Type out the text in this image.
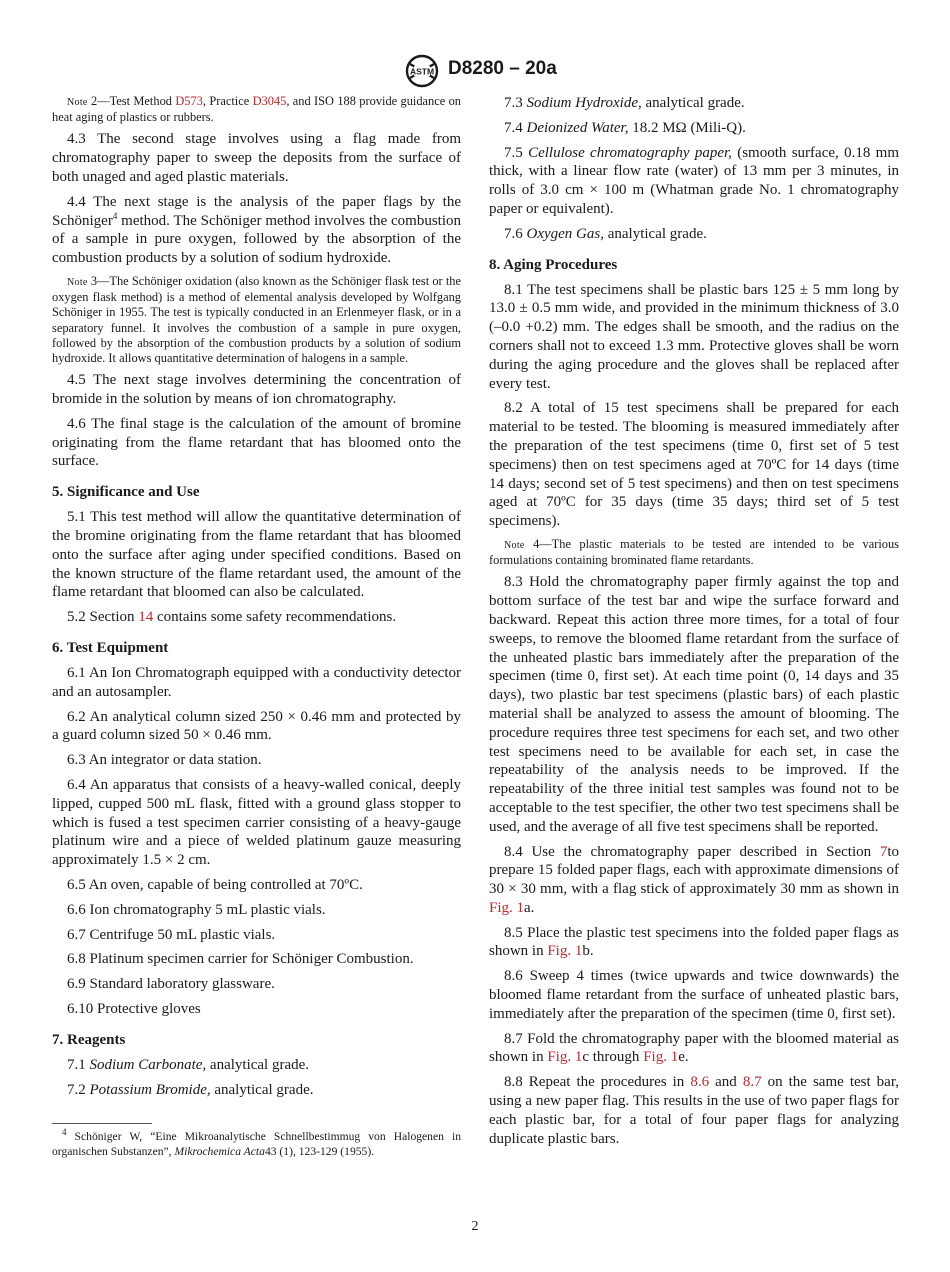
ASTM D8280 – 20a

Note 2—Test Method D573, Practice D3045, and ISO 188 provide guidance on heat aging of plastics or rubbers.

4.3 The second stage involves using a flag made from chromatography paper to sweep the deposits from the surface of both unaged and aged plastic materials.

4.4 The next stage is the analysis of the paper flags by the Schöniger$^4$ method. The Schöniger method involves the combustion of a sample in pure oxygen, followed by the absorption of the combustion products by a solution of sodium hydroxide.

Note 3—The Schöniger oxidation (also known as the Schöniger flask test or the oxygen flask method) is a method of elemental analysis developed by Wolfgang Schöniger in 1955. The test is typically conducted in an Erlenmeyer flask, or in a separatory funnel. It involves the combustion of a sample in pure oxygen, followed by the absorption of the combustion products by a solution of sodium hydroxide. It allows quantitative determination of halogens in a sample.

4.5 The next stage involves determining the concentration of bromide in the solution by means of ion chromatography.

4.6 The final stage is the calculation of the amount of bromine originating from the flame retardant that has bloomed onto the surface.

5. Significance and Use

5.1 This test method will allow the quantitative determination of the bromine originating from the flame retardant that has bloomed onto the surface after aging under specified conditions. Based on the known structure of the flame retardant used, the amount of the flame retardant that bloomed can also be calculated.

5.2 Section 14 contains some safety recommendations.

6. Test Equipment

6.1 An Ion Chromatograph equipped with a conductivity detector and an autosampler.

6.2 An analytical column sized 250 × 0.46 mm and protected by a guard column sized 50 × 0.46 mm.

6.3 An integrator or data station.

6.4 An apparatus that consists of a heavy-walled conical, deeply lipped, cupped 500 mL flask, fitted with a ground glass stopper to which is fused a test specimen carrier consisting of a heavy-gauge platinum wire and a piece of welded platinum gauze measuring approximately 1.5 × 2 cm.

6.5 An oven, capable of being controlled at 70ºC.

6.6 Ion chromatography 5 mL plastic vials.

6.7 Centrifuge 50 mL plastic vials.

6.8 Platinum specimen carrier for Schöniger Combustion.

6.9 Standard laboratory glassware.

6.10 Protective gloves

7. Reagents

7.1 Sodium Carbonate, analytical grade.

7.2 Potassium Bromide, analytical grade.

$^4$ Schöniger W, “Eine Mikroanalytische Schnellbestimmug von Halogenen in organischen Substanzen”, Mikrochemica Acta43 (1), 123-129 (1955).

7.3 Sodium Hydroxide, analytical grade.

7.4 Deionized Water, 18.2 MΩ (Mili-Q).

7.5 Cellulose chromatography paper, (smooth surface, 0.18 mm thick, with a linear flow rate (water) of 13 mm per 3 minutes, in rolls of 3.0 cm × 100 m (Whatman grade No. 1 chromatography paper or equivalent).

7.6 Oxygen Gas, analytical grade.

8. Aging Procedures

8.1 The test specimens shall be plastic bars 125 ± 5 mm long by 13.0 ± 0.5 mm wide, and provided in the minimum thickness of 3.0 (–0.0 +0.2) mm. The edges shall be smooth, and the radius on the corners shall not to exceed 1.3 mm. Protective gloves shall be worn during the aging procedure and the gloves shall be replaced after every test.

8.2 A total of 15 test specimens shall be prepared for each material to be tested. The blooming is measured immediately after the preparation of the test specimens (time 0, first set of 5 test specimens) then on test specimens aged at 70ºC for 14 days (time 14 days; second set of 5 test specimens) and then on test specimens aged at 70ºC for 35 days (time 35 days; third set of 5 test specimens).

Note 4—The plastic materials to be tested are intended to be various formulations containing brominated flame retardants.

8.3 Hold the chromatography paper firmly against the top and bottom surface of the test bar and wipe the surface forward and backward. Repeat this action three more times, for a total of four sweeps, to remove the bloomed flame retardant from the surface of the unheated plastic bars immediately after the preparation of the specimen (time 0, first set). At each time point (0, 14 days and 35 days), two plastic bar test specimens (plastic bars) of each plastic material shall be analyzed to assess the amount of blooming. The procedure requires three test specimens for each set, and two other test specimens need to be available for each set, in case the repeatability of the analysis needs to be improved. If the repeatability of the three initial test samples was found not to be acceptable to the test specifier, the other two test specimens shall be used, and the average of all five test specimens shall be reported.

8.4 Use the chromatography paper described in Section 7to prepare 15 folded paper flags, each with approximate dimensions of 30 × 30 mm, with a flag stick of approximately 30 mm as shown in Fig. 1a.

8.5 Place the plastic test specimens into the folded paper flags as shown in Fig. 1b.

8.6 Sweep 4 times (twice upwards and twice downwards) the bloomed flame retardant from the surface of unheated plastic bars, immediately after the preparation of the specimen (time 0, first set).

8.7 Fold the chromatography paper with the bloomed material as shown in Fig. 1c through Fig. 1e.

8.8 Repeat the procedures in 8.6 and 8.7 on the same test bar, using a new paper flag. This results in the use of two paper flags for each plastic bar, for a total of four paper flags for analyzing duplicate plastic bars.

2
